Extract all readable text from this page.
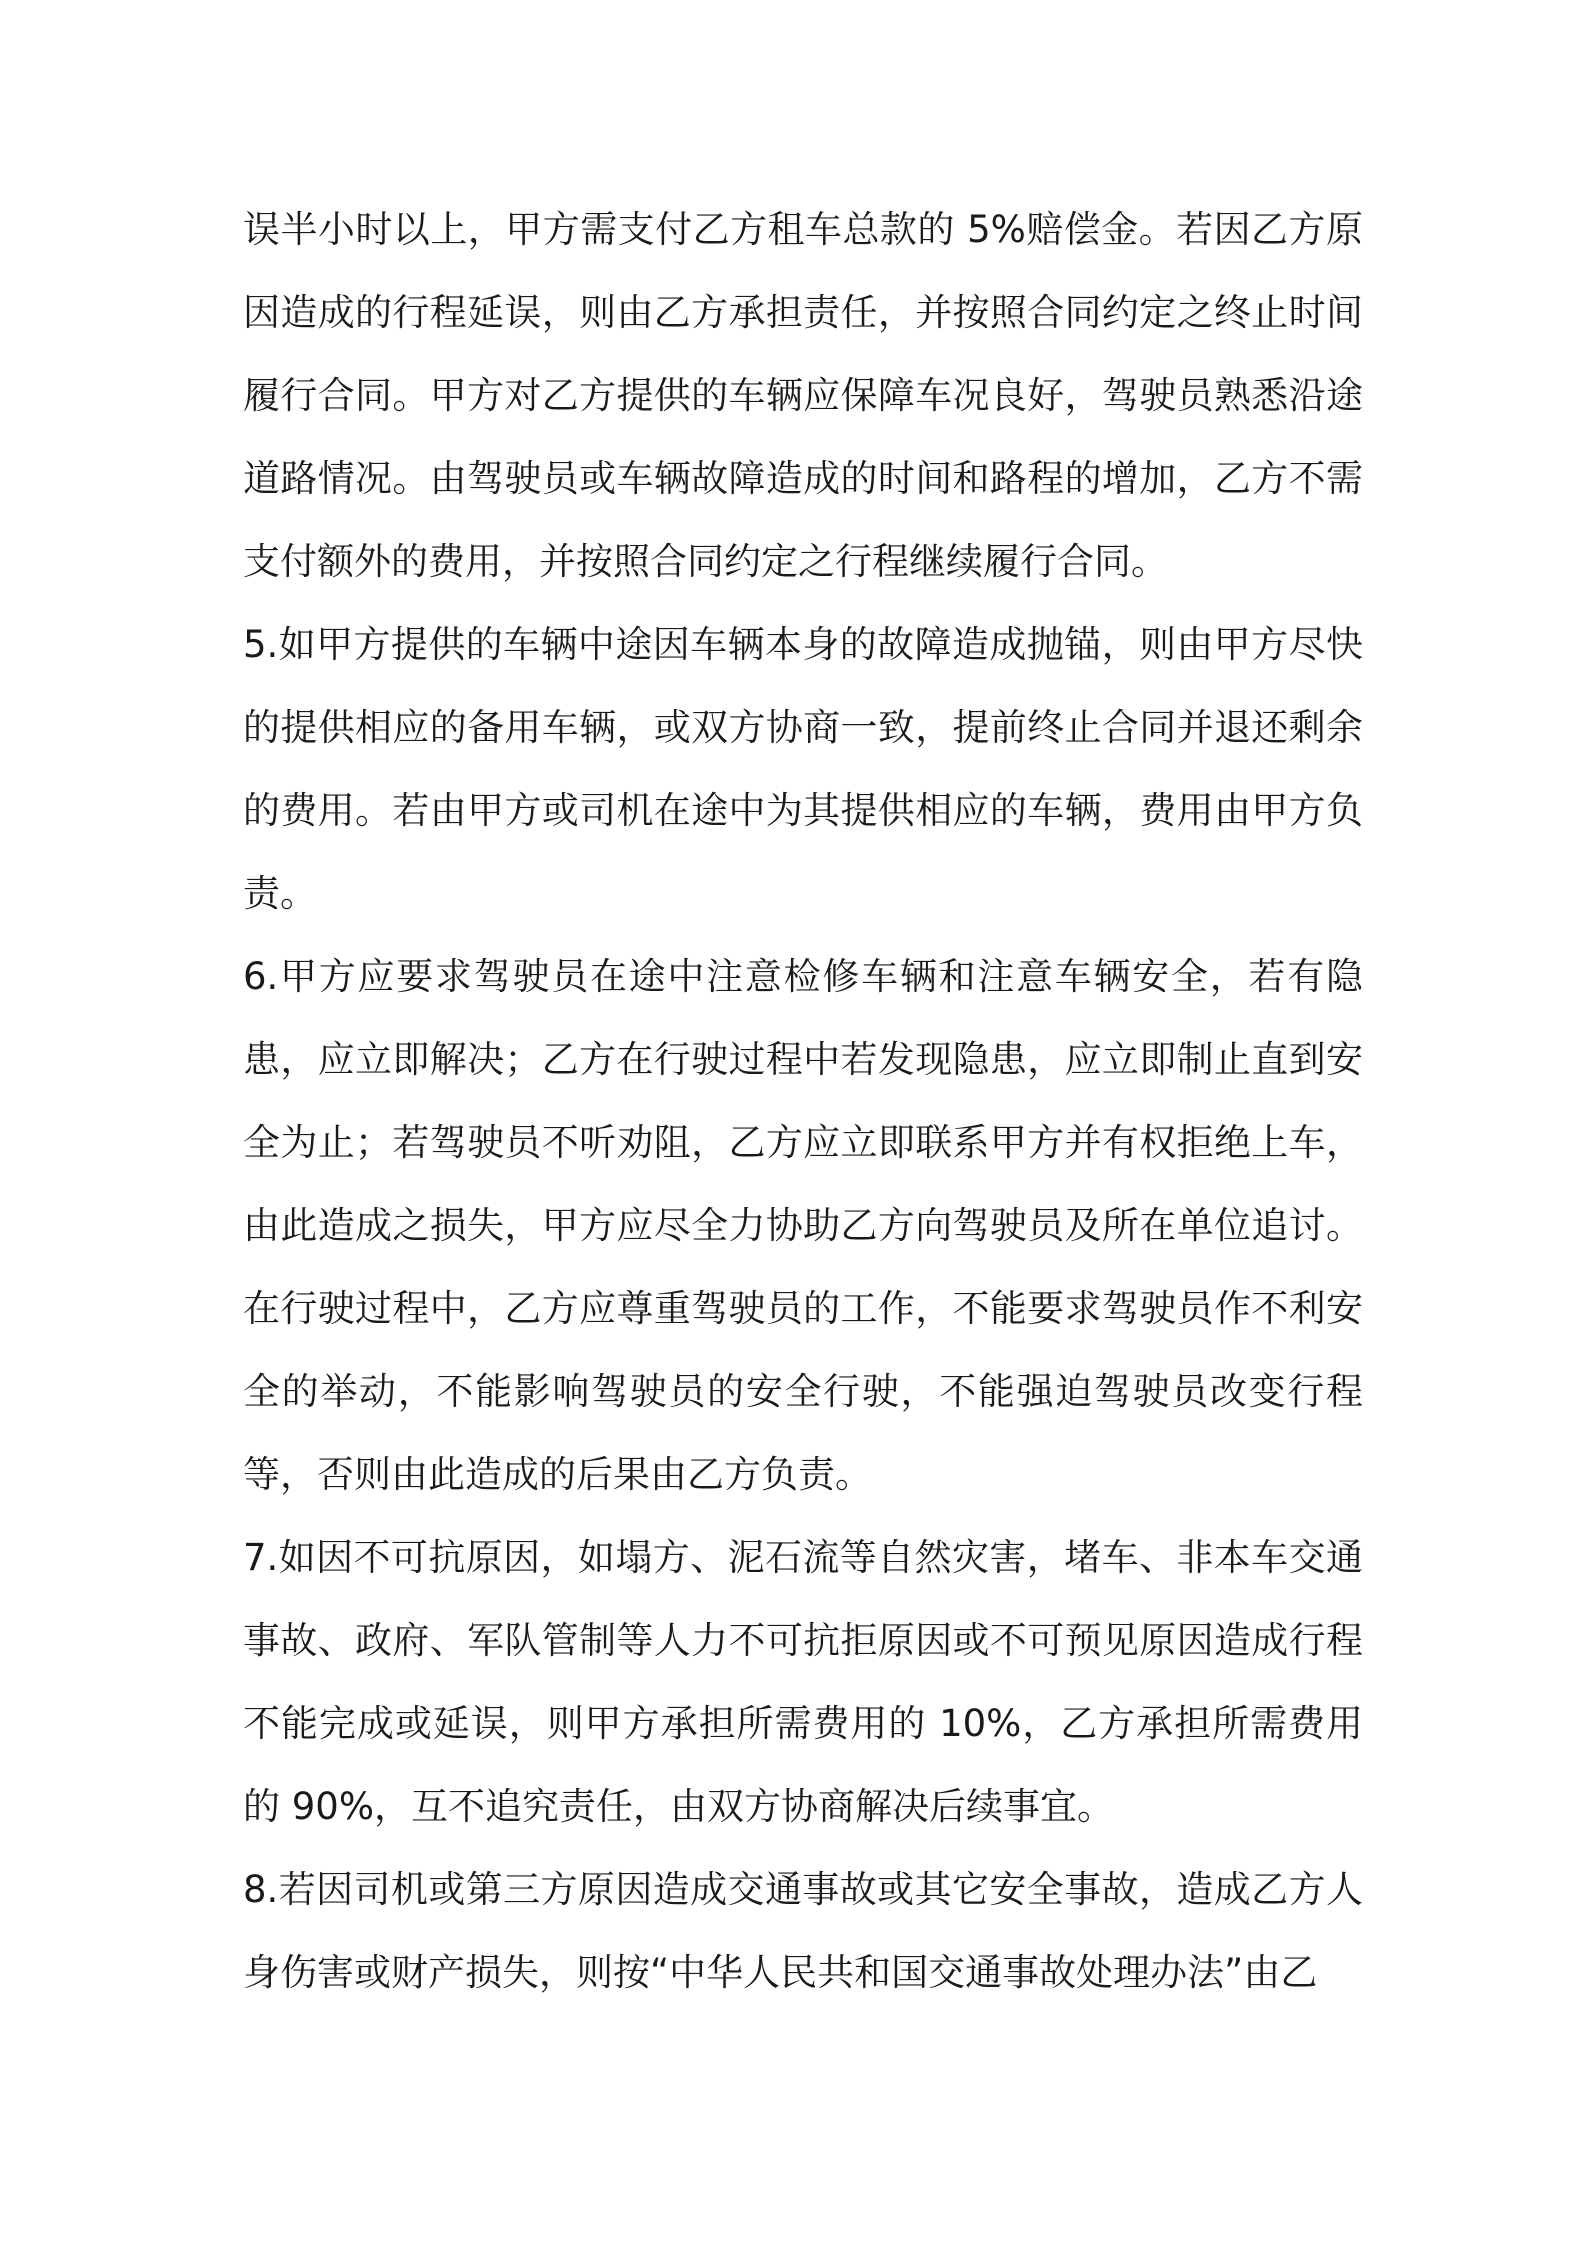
误半小时以上，甲方需支付乙方租车总款的 5%赔偿金。若因乙方原因造成的行程延误，则由乙方承担责任，并按照合同约定之终止时间履行合同。甲方对乙方提供的车辆应保障车况良好，驾驶员熟悉沿途道路情况。由驾驶员或车辆故障造成的时间和路程的增加，乙方不需支付额外的费用，并按照合同约定之行程继续履行合同。

5.如甲方提供的车辆中途因车辆本身的故障造成抛锚，则由甲方尽快的提供相应的备用车辆，或双方协商一致，提前终止合同并退还剩余的费用。若由甲方或司机在途中为其提供相应的车辆，费用由甲方负责。

6.甲方应要求驾驶员在途中注意检修车辆和注意车辆安全，若有隐患，应立即解决；乙方在行驶过程中若发现隐患，应立即制止直到安全为止；若驾驶员不听劝阻，乙方应立即联系甲方并有权拒绝上车，由此造成之损失，甲方应尽全力协助乙方向驾驶员及所在单位追讨。在行驶过程中，乙方应尊重驾驶员的工作，不能要求驾驶员作不利安全的举动，不能影响驾驶员的安全行驶，不能强迫驾驶员改变行程等，否则由此造成的后果由乙方负责。

7.如因不可抗原因，如塌方、泥石流等自然灾害，堵车、非本车交通事故、政府、军队管制等人力不可抗拒原因或不可预见原因造成行程不能完成或延误，则甲方承担所需费用的 10%，乙方承担所需费用的 90%，互不追究责任，由双方协商解决后续事宜。

8.若因司机或第三方原因造成交通事故或其它安全事故，造成乙方人身伤害或财产损失，则按“中华人民共和国交通事故处理办法”由乙
